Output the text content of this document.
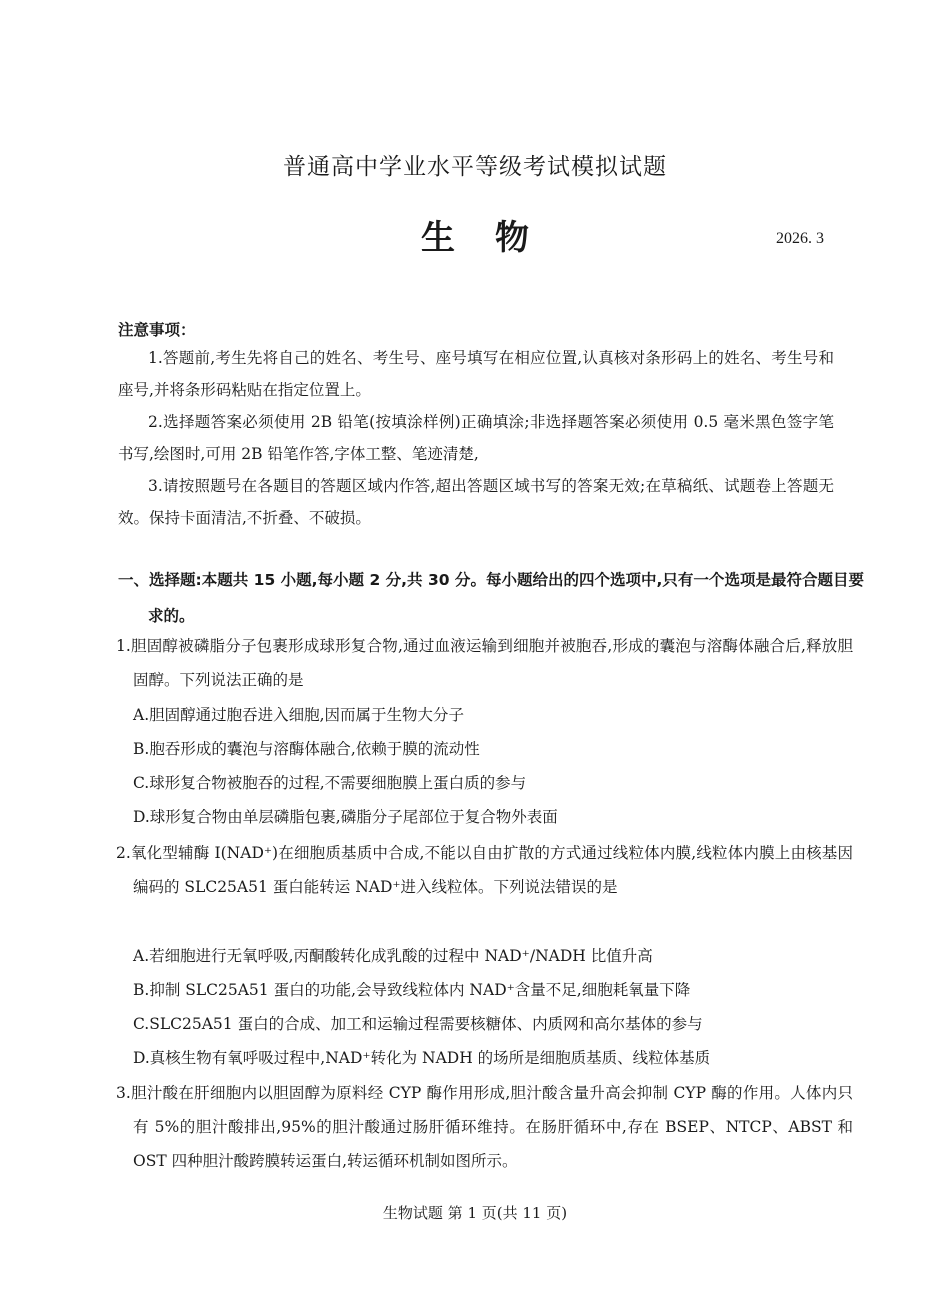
普通高中学业水平等级考试模拟试题
生物	2026. 3
注意事项：
1.答题前,考生先将自己的姓名、考生号、座号填写在相应位置,认真核对条形码上的姓名、考生号和座号,并将条形码粘贴在指定位置上。
2.选择题答案必须使用 2B 铅笔(按填涂样例)正确填涂;非选择题答案必须使用 0.5 毫米黑色签字笔书写,绘图时,可用 2B 铅笔作答,字体工整、笔迹清楚,
3.请按照题号在各题目的答题区域内作答,超出答题区域书写的答案无效;在草稿纸、试题卷上答题无效。保持卡面清洁,不折叠、不破损。
一、选择题:本题共 15 小题,每小题 2 分,共 30 分。每小题给出的四个选项中,只有一个选项是最符合题目要求的。
1.胆固醇被磷脂分子包裹形成球形复合物,通过血液运输到细胞并被胞吞,形成的囊泡与溶酶体融合后,释放胆固醇。下列说法正确的是
A.胆固醇通过胞吞进入细胞,因而属于生物大分子
B.胞吞形成的囊泡与溶酶体融合,依赖于膜的流动性
C.球形复合物被胞吞的过程,不需要细胞膜上蛋白质的参与
D.球形复合物由单层磷脂包裹,磷脂分子尾部位于复合物外表面
2.氧化型辅酶 I(NAD⁺)在细胞质基质中合成,不能以自由扩散的方式通过线粒体内膜,线粒体内膜上由核基因编码的 SLC25A51 蛋白能转运 NAD⁺进入线粒体。下列说法错误的是
A.若细胞进行无氧呼吸,丙酮酸转化成乳酸的过程中 NAD⁺/NADH 比值升高
B.抑制 SLC25A51 蛋白的功能,会导致线粒体内 NAD⁺含量不足,细胞耗氧量下降
C.SLC25A51 蛋白的合成、加工和运输过程需要核糖体、内质网和高尔基体的参与
D.真核生物有氧呼吸过程中,NAD⁺转化为 NADH 的场所是细胞质基质、线粒体基质
3.胆汁酸在肝细胞内以胆固醇为原料经 CYP 酶作用形成,胆汁酸含量升高会抑制 CYP 酶的作用。人体内只有 5%的胆汁酸排出,95%的胆汁酸通过肠肝循环维持。在肠肝循环中,存在 BSEP、NTCP、ABST 和 OST 四种胆汁酸跨膜转运蛋白,转运循环机制如图所示。
生物试题 第 1 页(共 11 页)
